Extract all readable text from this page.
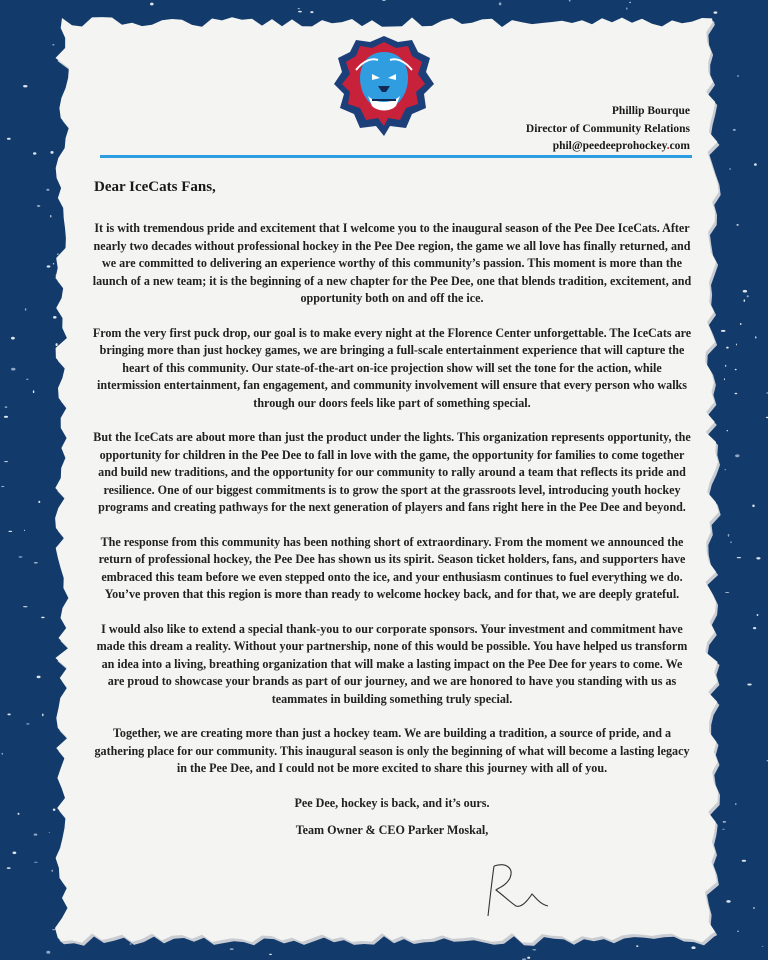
Phillip Bourque
Director of Community Relations
phil@peedeeprohockey.com
Dear IceCats Fans,

It is with tremendous pride and excitement that I welcome you to the inaugural season of the Pee Dee IceCats. After nearly two decades without professional hockey in the Pee Dee region, the game we all love has finally returned, and we are committed to delivering an experience worthy of this community’s passion. This moment is more than the launch of a new team; it is the beginning of a new chapter for the Pee Dee, one that blends tradition, excitement, and opportunity both on and off the ice.

From the very first puck drop, our goal is to make every night at the Florence Center unforgettable. The IceCats are bringing more than just hockey games, we are bringing a full-scale entertainment experience that will capture the heart of this community. Our state-of-the-art on-ice projection show will set the tone for the action, while intermission entertainment, fan engagement, and community involvement will ensure that every person who walks through our doors feels like part of something special.

But the IceCats are about more than just the product under the lights. This organization represents opportunity, the opportunity for children in the Pee Dee to fall in love with the game, the opportunity for families to come together and build new traditions, and the opportunity for our community to rally around a team that reflects its pride and resilience. One of our biggest commitments is to grow the sport at the grassroots level, introducing youth hockey programs and creating pathways for the next generation of players and fans right here in the Pee Dee and beyond.

The response from this community has been nothing short of extraordinary. From the moment we announced the return of professional hockey, the Pee Dee has shown us its spirit. Season ticket holders, fans, and supporters have embraced this team before we even stepped onto the ice, and your enthusiasm continues to fuel everything we do. You’ve proven that this region is more than ready to welcome hockey back, and for that, we are deeply grateful.

I would also like to extend a special thank-you to our corporate sponsors. Your investment and commitment have made this dream a reality. Without your partnership, none of this would be possible. You have helped us transform an idea into a living, breathing organization that will make a lasting impact on the Pee Dee for years to come. We are proud to showcase your brands as part of our journey, and we are honored to have you standing with us as teammates in building something truly special.

Together, we are creating more than just a hockey team. We are building a tradition, a source of pride, and a gathering place for our community. This inaugural season is only the beginning of what will become a lasting legacy in the Pee Dee, and I could not be more excited to share this journey with all of you.

Pee Dee, hockey is back, and it’s ours.

Team Owner & CEO Parker Moskal,
